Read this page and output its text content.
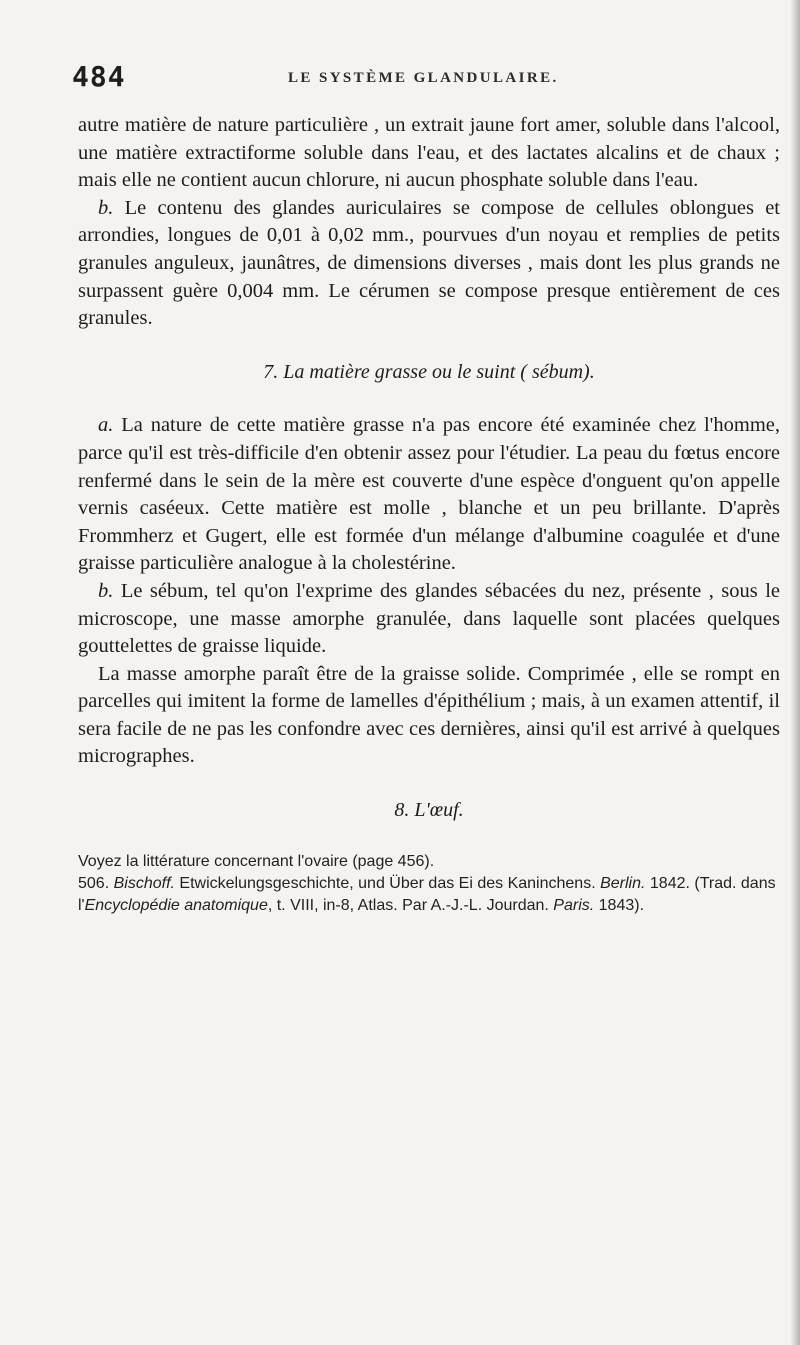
484	LE SYSTÈME GLANDULAIRE.

autre matière de nature particulière , un extrait jaune fort amer, soluble dans l'alcool, une matière extractiforme soluble dans l'eau, et des lactates alcalins et de chaux ; mais elle ne contient aucun chlorure, ni aucun phosphate soluble dans l'eau.

b. Le contenu des glandes auriculaires se compose de cellules oblongues et arrondies, longues de 0,01 à 0,02 mm., pourvues d'un noyau et remplies de petits granules anguleux, jaunâtres, de dimensions diverses , mais dont les plus grands ne surpassent guère 0,004 mm. Le cérumen se compose presque entièrement de ces granules.

7. La matière grasse ou le suint ( sébum).

a. La nature de cette matière grasse n'a pas encore été examinée chez l'homme, parce qu'il est très-difficile d'en obtenir assez pour l'étudier. La peau du fœtus encore renfermé dans le sein de la mère est couverte d'une espèce d'onguent qu'on appelle vernis caséeux. Cette matière est molle , blanche et un peu brillante. D'après Frommherz et Gugert, elle est formée d'un mélange d'albumine coagulée et d'une graisse particulière analogue à la cholestérine.

b. Le sébum, tel qu'on l'exprime des glandes sébacées du nez, présente , sous le microscope, une masse amorphe granulée, dans laquelle sont placées quelques gouttelettes de graisse liquide.

La masse amorphe paraît être de la graisse solide. Comprimée , elle se rompt en parcelles qui imitent la forme de lamelles d'épithélium ; mais, à un examen attentif, il sera facile de ne pas les confondre avec ces dernières, ainsi qu'il est arrivé à quelques micrographes.

8. L'œuf.

Voyez la littérature concernant l'ovaire (page 456).

506. Bischoff. Etwickelungsgeschichte, und Über das Ei des Kaninchens. Berlin. 1842. (Trad. dans l'Encyclopédie anatomique, t. VIII, in-8, Atlas. Par A.-J.-L. Jourdan. Paris. 1843).
